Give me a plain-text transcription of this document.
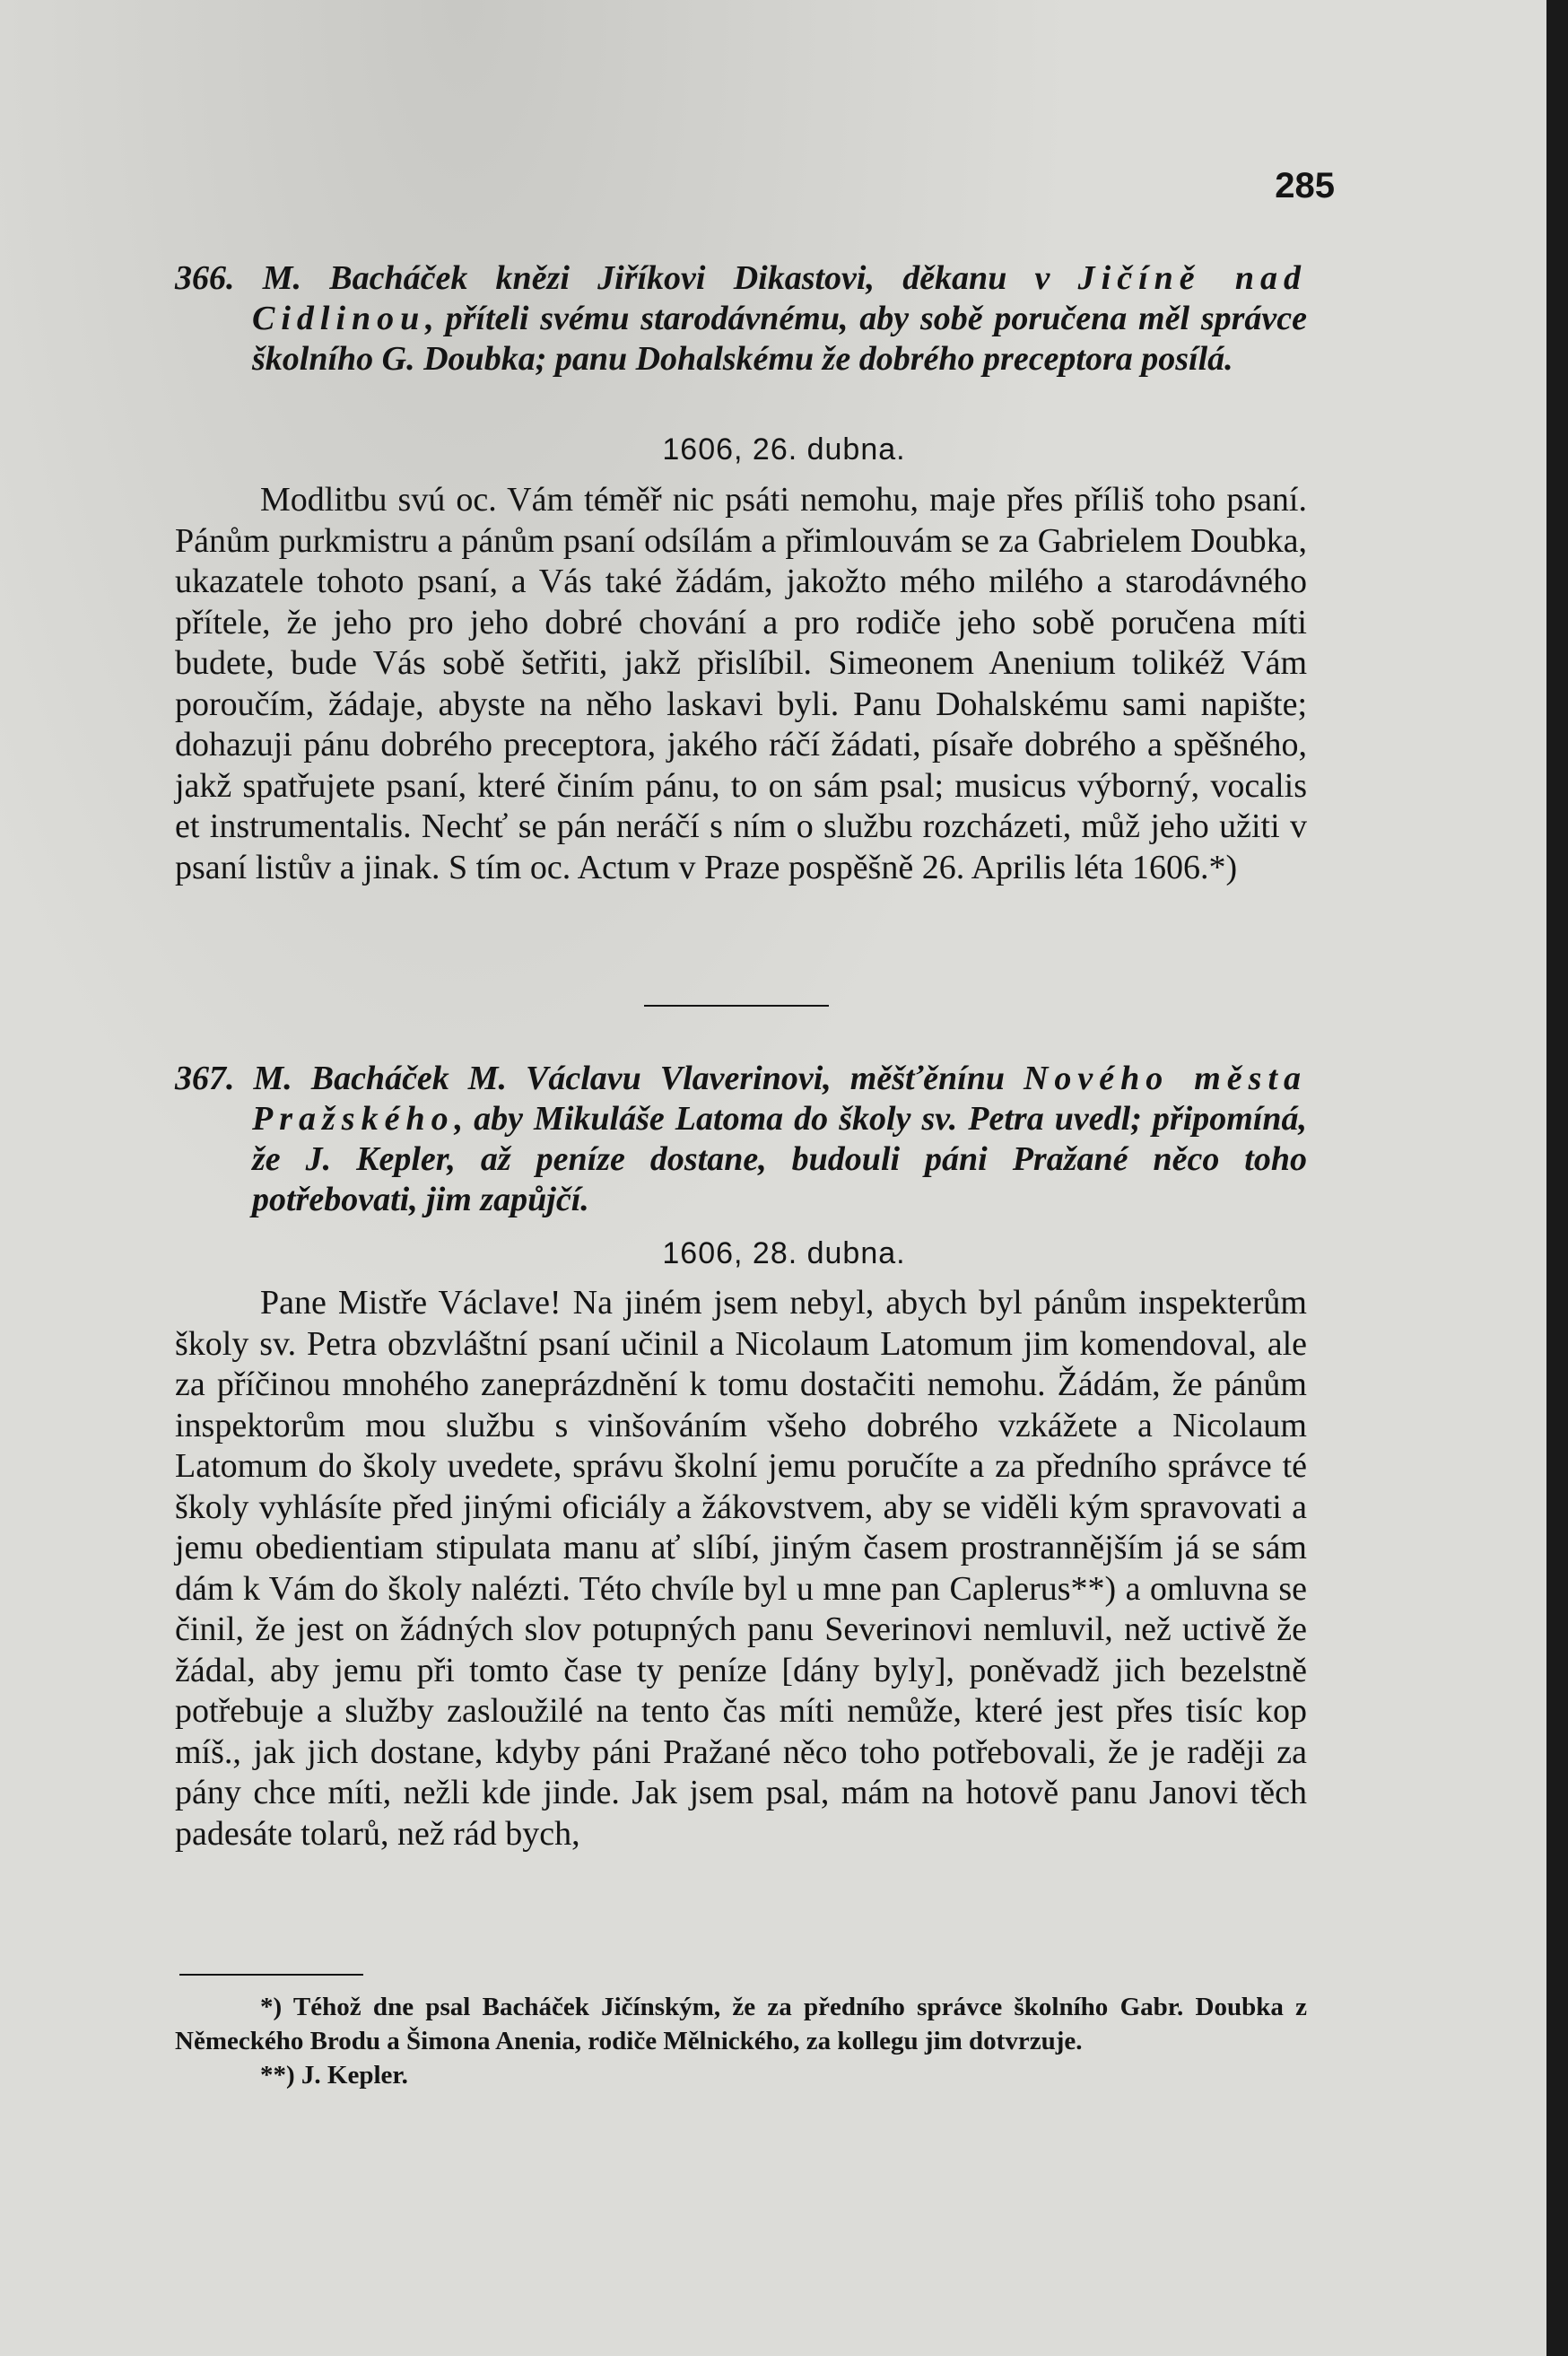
285
366. M. Bacháček knězi Jiříkovi Dikastovi, děkanu v Jičíně nad Cidlinou, příteli svému starodávnému, aby sobě poručena měl správce školního G. Doubka; panu Dohalskému že dobrého preceptora posílá.
1606, 26. dubna.

Modlitbu svú oc. Vám téměř nic psáti nemohu, maje přes příliš toho psaní. Pánům purkmistru a pánům psaní odsílám a přimlouvám se za Gabrielem Doubka, ukazatele tohoto psaní, a Vás také žádám, jakožto mého milého a starodávného přítele, že jeho pro jeho dobré chování a pro rodiče jeho sobě poručena míti budete, bude Vás sobě šetřiti, jakž přislíbil. Simeonem Anenium tolikéž Vám poroučím, žádaje, abyste na něho laskavi byli. Panu Dohalskému sami napište; dohazuji pánu dobrého preceptora, jakého ráčí žádati, písaře dobrého a spěšného, jakž spatřujete psaní, které činím pánu, to on sám psal; musicus výborný, vocalis et instrumentalis. Nechť se pán neráčí s ním o službu rozcházeti, můž jeho užiti v psaní listův a jinak. S tím oc. Actum v Praze pospěšně 26. Aprilis léta 1606.*)

367. M. Bacháček M. Václavu Vlaverinovi, měšťěnínu Nového města Pražského, aby Mikuláše Latoma do školy sv. Petra uvedl; připomíná, že J. Kepler, až peníze dostane, budouli páni Pražané něco toho potřebovati, jim zapůjčí.
1606, 28. dubna.

Pane Mistře Václave! Na jiném jsem nebyl, abych byl pánům inspekterům školy sv. Petra obzvláštní psaní učinil a Nicolaum Latomum jim komendoval, ale za příčinou mnohého zaneprázdnění k tomu dostačiti nemohu. Žádám, že pánům inspektorům mou službu s vinšováním všeho dobrého vzkážete a Nicolaum Latomum do školy uvedete, správu školní jemu poručíte a za předního správce té školy vyhlásíte před jinými oficiály a žákovstvem, aby se viděli kým spravovati a jemu obedientiam stipulata manu ať slíbí, jiným časem prostrannějším já se sám dám k Vám do školy nalézti. Této chvíle byl u mne pan Caplerus**) a omluvna se činil, že jest on žádných slov potupných panu Severinovi nemluvil, než uctivě že žádal, aby jemu při tomto čase ty peníze [dány byly], poněvadž jich bezelstně potřebuje a služby zasloužilé na tento čas míti nemůže, které jest přes tisíc kop míš., jak jich dostane, kdyby páni Pražané něco toho potřebovali, že je raději za pány chce míti, nežli kde jinde. Jak jsem psal, mám na hotově panu Janovi těch padesáte tolarů, než rád bych,

*) Téhož dne psal Bacháček Jičínským, že za předního správce školního Gabr. Doubka z Německého Brodu a Šimona Anenia, rodiče Mělnického, za kollegu jim dotvrzuje.

**) J. Kepler.
